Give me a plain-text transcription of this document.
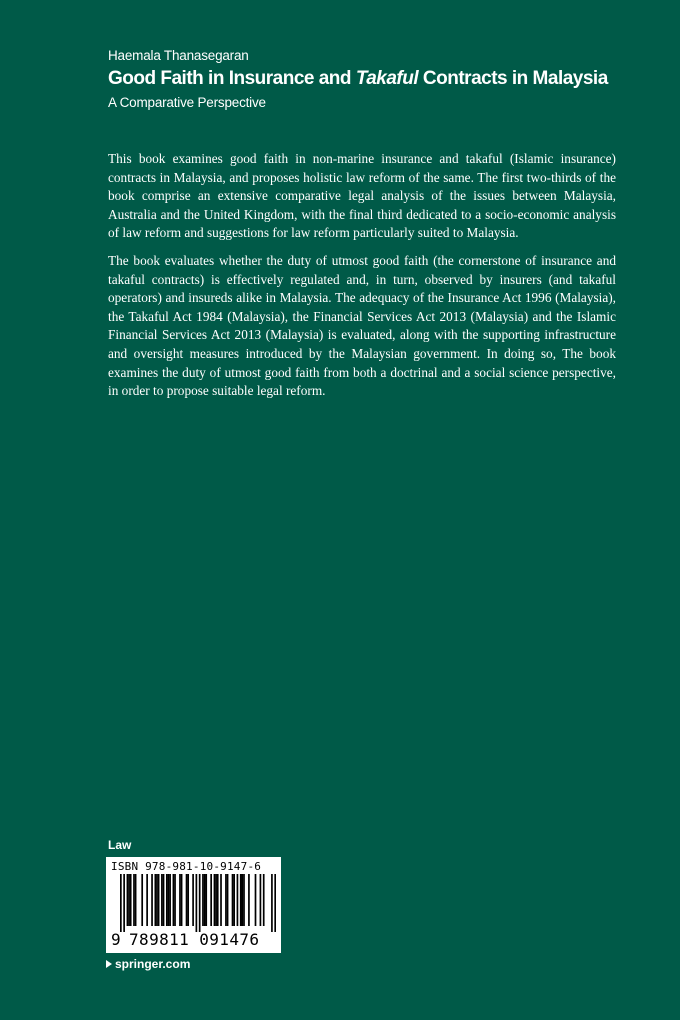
Haemala Thanasegaran
Good Faith in Insurance and Takaful Contracts in Malaysia
A Comparative Perspective

This book examines good faith in non-marine insurance and takaful (Islamic insurance) contracts in Malaysia, and proposes holistic law reform of the same. The first two-thirds of the book comprise an extensive comparative legal analysis of the issues between Malaysia, Australia and the United Kingdom, with the final third dedicated to a socio-economic analysis of law reform and suggestions for law reform particularly suited to Malaysia.

The book evaluates whether the duty of utmost good faith (the cornerstone of insurance and takaful contracts) is effectively regulated and, in turn, observed by insurers (and takaful operators) and insureds alike in Malaysia. The adequacy of the Insurance Act 1996 (Malaysia), the Takaful Act 1984 (Malaysia), the Financial Services Act 2013 (Malaysia) and the Islamic Financial Services Act 2013 (Malaysia) is evaluated, along with the supporting infrastructure and oversight measures introduced by the Malaysian government. In doing so, The book examines the duty of utmost good faith from both a doctrinal and a social science perspective, in order to propose suitable legal reform.

Law
ISBN 978-981-10-9147-6
9 789811 091476
springer.com
